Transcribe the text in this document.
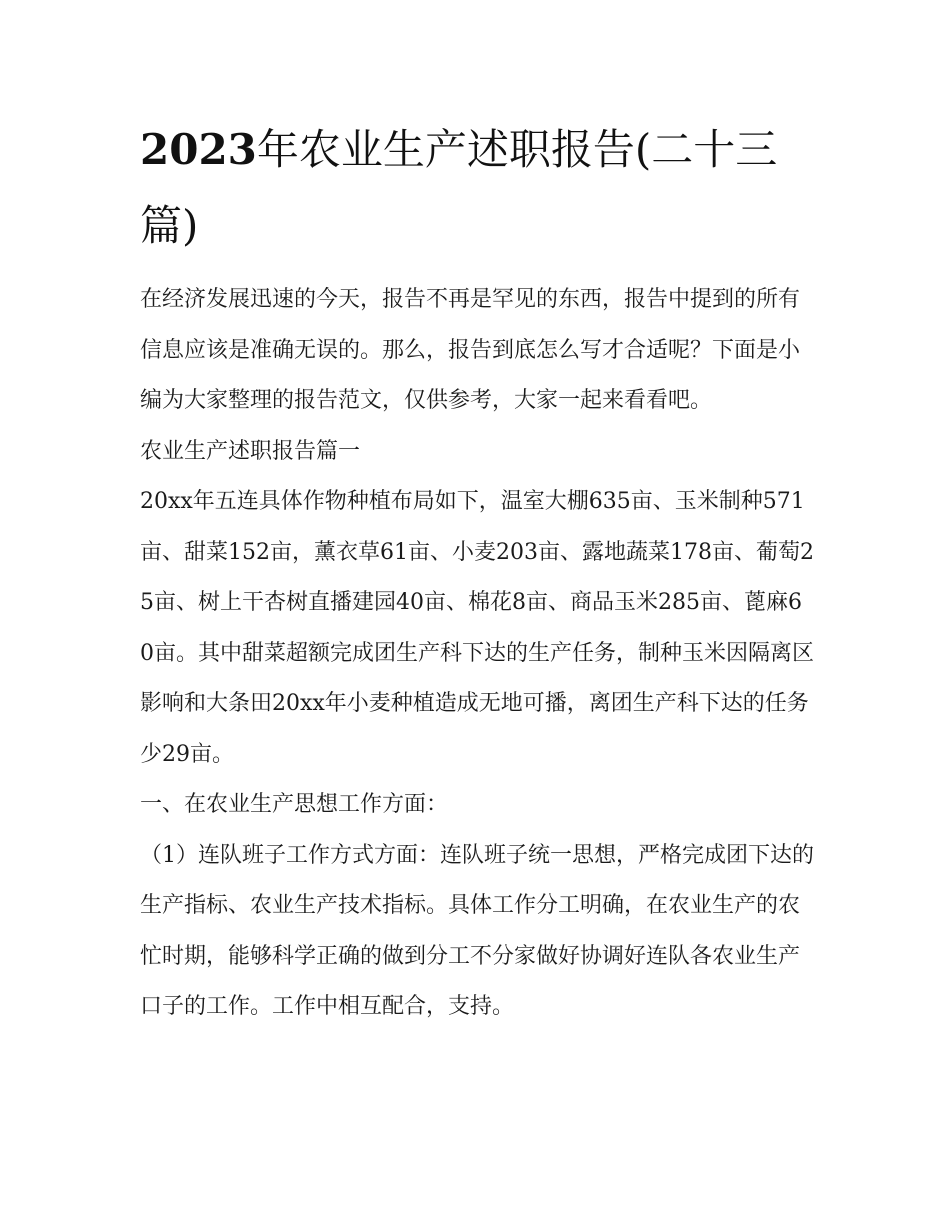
2023年农业生产述职报告(二十三篇)

在经济发展迅速的今天，报告不再是罕见的东西，报告中提到的所有信息应该是准确无误的。那么，报告到底怎么写才合适呢？下面是小编为大家整理的报告范文，仅供参考，大家一起来看看吧。

农业生产述职报告篇一

20xx年五连具体作物种植布局如下，温室大棚635亩、玉米制种571亩、甜菜152亩，薰衣草61亩、小麦203亩、露地蔬菜178亩、葡萄25亩、树上干杏树直播建园40亩、棉花8亩、商品玉米285亩、蓖麻60亩。其中甜菜超额完成团生产科下达的生产任务，制种玉米因隔离区影响和大条田20xx年小麦种植造成无地可播，离团生产科下达的任务少29亩。

一、在农业生产思想工作方面：

（1）连队班子工作方式方面：连队班子统一思想，严格完成团下达的生产指标、农业生产技术指标。具体工作分工明确，在农业生产的农忙时期，能够科学正确的做到分工不分家做好协调好连队各农业生产口子的工作。工作中相互配合，支持。
